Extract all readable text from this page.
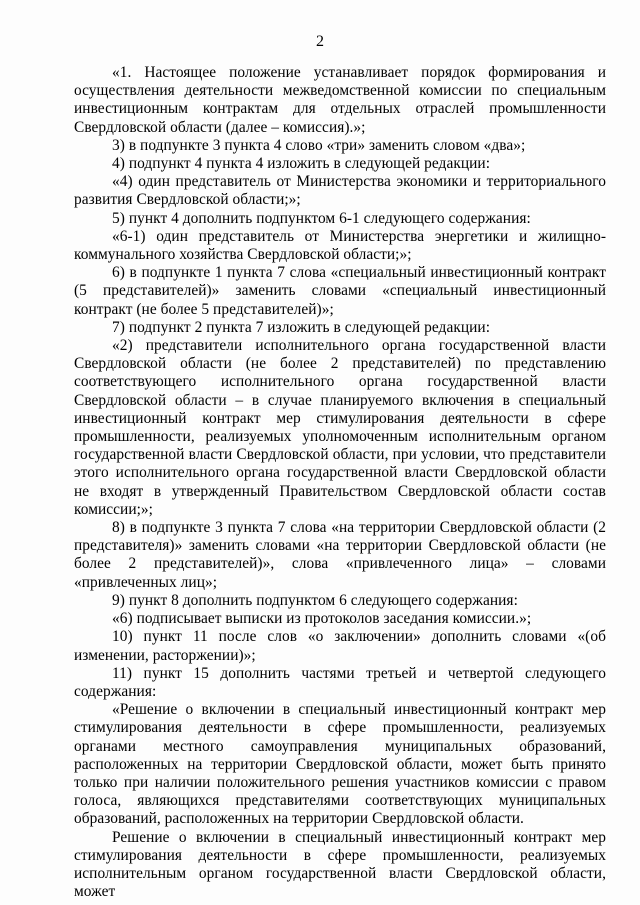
2

«1. Настоящее положение устанавливает порядок формирования и осуществления деятельности межведомственной комиссии по специальным инвестиционным контрактам для отдельных отраслей промышленности Свердловской области (далее – комиссия).»;

3) в подпункте 3 пункта 4 слово «три» заменить словом «два»;

4) подпункт 4 пункта 4 изложить в следующей редакции:

«4) один представитель от Министерства экономики и территориального развития Свердловской области;»;

5) пункт 4 дополнить подпунктом 6-1 следующего содержания:

«6-1) один представитель от Министерства энергетики и жилищно-коммунального хозяйства Свердловской области;»;

6) в подпункте 1 пункта 7 слова «специальный инвестиционный контракт (5 представителей)» заменить словами «специальный инвестиционный контракт (не более 5 представителей)»;

7) подпункт 2 пункта 7 изложить в следующей редакции:

«2) представители исполнительного органа государственной власти Свердловской области (не более 2 представителей) по представлению соответствующего исполнительного органа государственной власти Свердловской области – в случае планируемого включения в специальный инвестиционный контракт мер стимулирования деятельности в сфере промышленности, реализуемых уполномоченным исполнительным органом государственной власти Свердловской области, при условии, что представители этого исполнительного органа государственной власти Свердловской области не входят в утвержденный Правительством Свердловской области состав комиссии;»;

8) в подпункте 3 пункта 7 слова «на территории Свердловской области (2 представителя)» заменить словами «на территории Свердловской области (не более 2 представителей)», слова «привлеченного лица» – словами «привлеченных лиц»;

9) пункт 8 дополнить подпунктом 6 следующего содержания:

«6) подписывает выписки из протоколов заседания комиссии.»;

10) пункт 11 после слов «о заключении» дополнить словами «(об изменении, расторжении)»;

11) пункт 15 дополнить частями третьей и четвертой следующего содержания:

«Решение о включении в специальный инвестиционный контракт мер стимулирования деятельности в сфере промышленности, реализуемых органами местного самоуправления муниципальных образований, расположенных на территории Свердловской области, может быть принято только при наличии положительного решения участников комиссии с правом голоса, являющихся представителями соответствующих муниципальных образований, расположенных на территории Свердловской области.

Решение о включении в специальный инвестиционный контракт мер стимулирования деятельности в сфере промышленности, реализуемых исполнительным органом государственной власти Свердловской области, может
